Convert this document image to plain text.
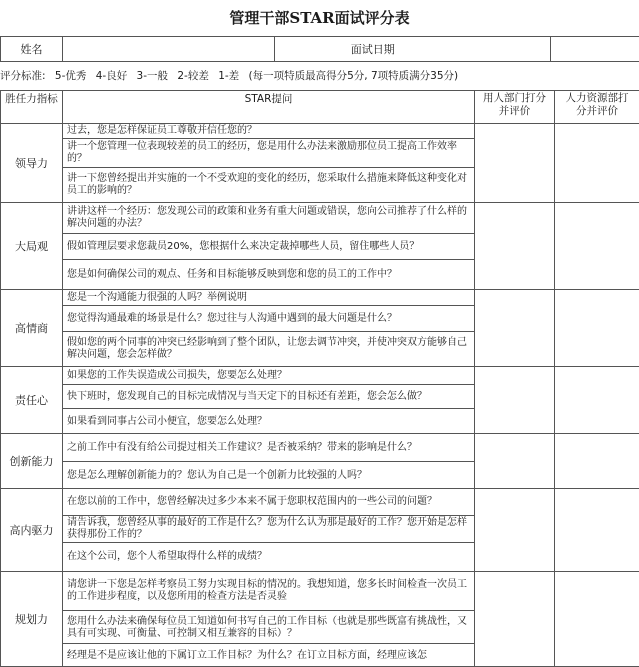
管理干部STAR面试评分表
姓名		面试日期		
评分标准: 5-优秀 4-良好 3-一般 2-较差 1-差 (每一项特质最高得分5分, 7项特质满分35分)
胜任力指标	STAR提问	用人部门打分并评价	人力资源部打分并评价
领导力	过去，您是怎样保证员工尊敬并信任您的？		
	讲一个您管理一位表现较差的员工的经历，您是用什么办法来激励那位员工提高工作效率的？		
	讲一下您曾经提出并实施的一个不受欢迎的变化的经历，您采取什么措施来降低这种变化对员工的影响的？		
大局观	讲讲这样一个经历：您发现公司的政策和业务有重大问题或错误，您向公司推荐了什么样的解决问题的办法？		
	假如管理层要求您裁员20%，您根据什么来决定裁掉哪些人员，留住哪些人员？		
	您是如何确保公司的观点、任务和目标能够反映到您和您的员工的工作中？		
高情商	您是一个沟通能力很强的人吗？举例说明		
	您觉得沟通最难的场景是什么？您过往与人沟通中遇到的最大问题是什么？		
	假如您的两个同事的冲突已经影响到了整个团队，让您去调节冲突，并使冲突双方能够自己解决问题，您会怎样做？		
责任心	如果您的工作失误造成公司损失，您要怎么处理？		
	快下班时，您发现自己的目标完成情况与当天定下的目标还有差距，您会怎么做？		
	如果看到同事占公司小便宜，您要怎么处理？		
创新能力	之前工作中有没有给公司提过相关工作建议？是否被采纳？带来的影响是什么？		
	您是怎么理解创新能力的？您认为自己是一个创新力比较强的人吗？		
高内驱力	在您以前的工作中，您曾经解决过多少本来不属于您职权范围内的一些公司的问题？		
	请告诉我，您曾经从事的最好的工作是什么？您为什么认为那是最好的工作？您开始是怎样获得那份工作的？		
	在这个公司，您个人希望取得什么样的成绩？		
规划力	请您讲一下您是怎样考察员工努力实现目标的情况的。我想知道，您多长时间检查一次员工的工作进步程度，以及您所用的检查方法是否灵验		
	您用什么办法来确保每位员工知道如何书写自己的工作目标（也就是那些既富有挑战性，又具有可实现、可衡量、可控制又相互兼容的目标）？		
	经理是不是应该让他的下属订立工作目标？为什么？在订立目标方面，经理应该怎		
